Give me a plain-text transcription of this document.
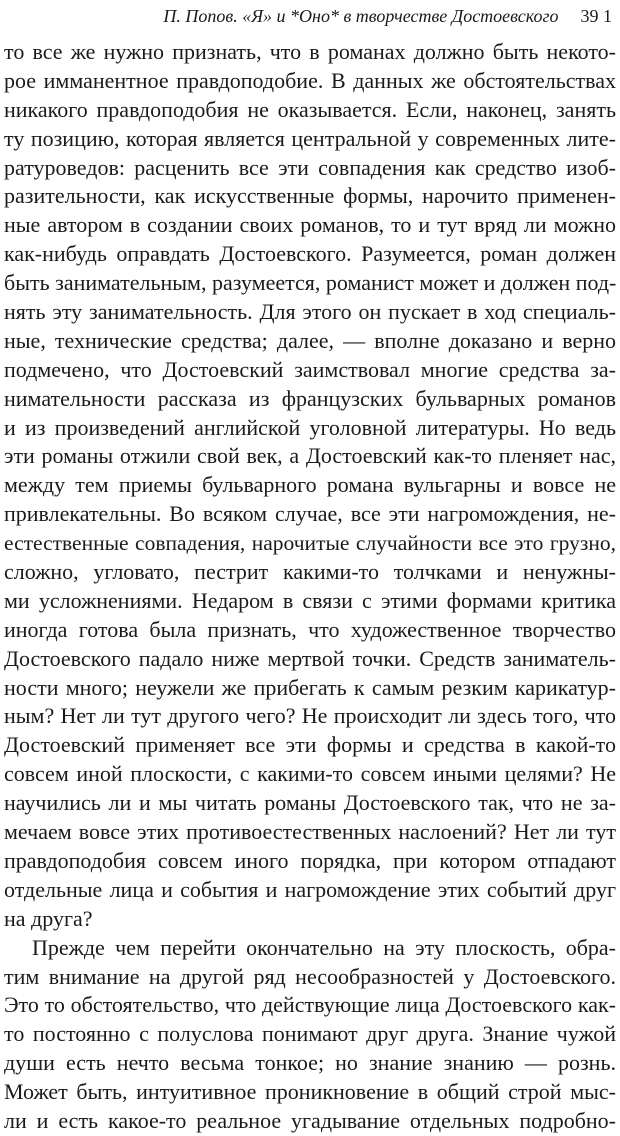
П. Попов. «Я» и *Оно* в творчестве Достоевского 39 1
то все же нужно признать, что в романах должно быть некото-
рое имманентное правдоподобие. В данных же обстоятельствах
никакого правдоподобия не оказывается. Если, наконец, занять
ту позицию, которая является центральной у современных лите-
ратуроведов: расценить все эти совпадения как средство изоб-
разительности, как искусственные формы, нарочито применен-
ные автором в создании своих романов, то и тут вряд ли можно
как-нибудь оправдать Достоевского. Разумеется, роман должен
быть занимательным, разумеется, романист может и должен под-
нять эту занимательность. Для этого он пускает в ход специаль-
ные, технические средства; далее, — вполне доказано и верно
подмечено, что Достоевский заимствовал многие средства за-
нимательности рассказа из французских бульварных романов
и из произведений английской уголовной литературы. Но ведь
эти романы отжили свой век, а Достоевский как-то пленяет нас,
между тем приемы бульварного романа вульгарны и вовсе не
привлекательны. Во всяком случае, все эти нагромождения, не-
естественные совпадения, нарочитые случайности все это грузно,
сложно, угловато, пестрит какими-то толчками и ненужны-
ми усложнениями. Недаром в связи с этими формами критика
иногда готова была признать, что художественное творчество
Достоевского падало ниже мертвой точки. Средств заниматель-
ности много; неужели же прибегать к самым резким карикатур-
ным? Нет ли тут другого чего? Не происходит ли здесь того, что
Достоевский применяет все эти формы и средства в какой-то
совсем иной плоскости, с какими-то совсем иными целями? Не
научились ли и мы читать романы Достоевского так, что не за-
мечаем вовсе этих противоестественных наслоений? Нет ли тут
правдоподобия совсем иного порядка, при котором отпадают
отдельные лица и события и нагромождение этих событий друг
на друга?
Прежде чем перейти окончательно на эту плоскость, обра-
тим внимание на другой ряд несообразностей у Достоевского.
Это то обстоятельство, что действующие лица Достоевского как-
то постоянно с полуслова понимают друг друга. Знание чужой
души есть нечто весьма тонкое; но знание знанию — рознь.
Может быть, интуитивное проникновение в общий строй мыс-
ли и есть какое-то реальное угадывание отдельных подробно-
